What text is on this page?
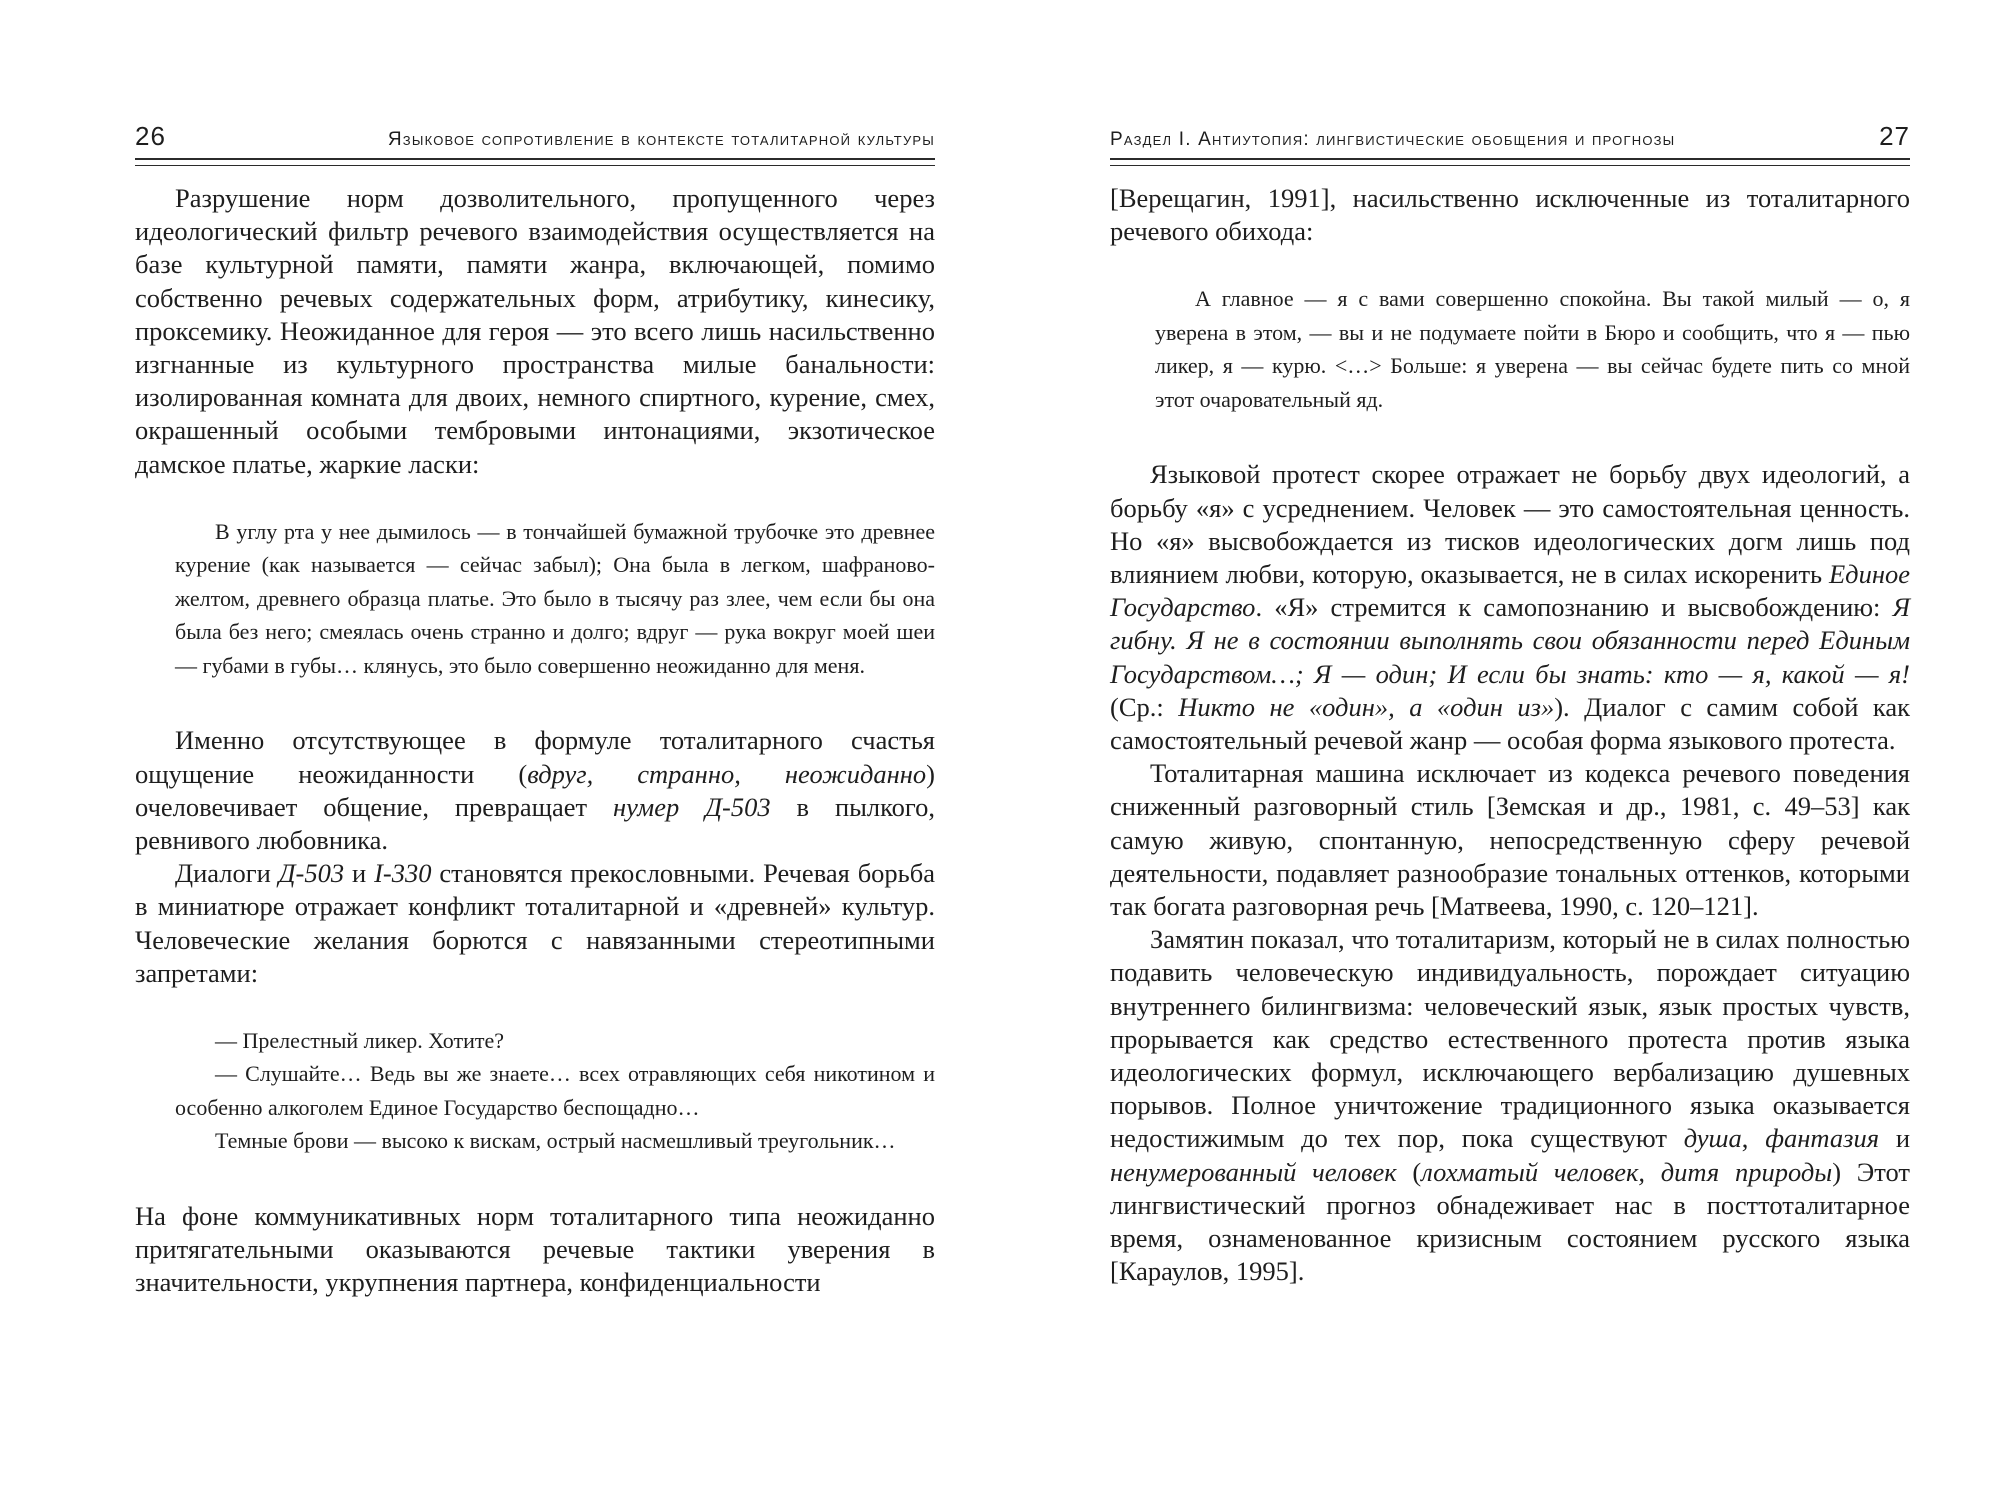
26	Языковое сопротивление в контексте тоталитарной культуры

Разрушение норм дозволительного, пропущенного через идеологический фильтр речевого взаимодействия осуществляется на базе культурной памяти, памяти жанра, включающей, помимо собственно речевых содержательных форм, атрибутику, кинесику, проксемику. Неожиданное для героя — это всего лишь насильственно изгнанные из культурного пространства милые банальности: изолированная комната для двоих, немного спиртного, курение, смех, окрашенный особыми тембровыми интонациями, экзотическое дамское платье, жаркие ласки:

В углу рта у нее дымилось — в тончайшей бумажной трубочке это древнее курение (как называется — сейчас забыл); Она была в легком, шафраново-желтом, древнего образца платье. Это было в тысячу раз злее, чем если бы она была без него; смеялась очень странно и долго; вдруг — рука вокруг моей шеи — губами в губы… клянусь, это было совершенно неожиданно для меня.

Именно отсутствующее в формуле тоталитарного счастья ощущение неожиданности (вдруг, странно, неожиданно) очеловечивает общение, превращает нумер Д-503 в пылкого, ревнивого любовника.

Диалоги Д-503 и I-330 становятся прекословными. Речевая борьба в миниатюре отражает конфликт тоталитарной и «древней» культур. Человеческие желания борются с навязанными стереотипными запретами:

— Прелестный ликер. Хотите?

— Слушайте… Ведь вы же знаете… всех отравляющих себя никотином и особенно алкоголем Единое Государство беспощадно…

Темные брови — высоко к вискам, острый насмешливый треугольник…

На фоне коммуникативных норм тоталитарного типа неожиданно притягательными оказываются речевые тактики уверения в значительности, укрупнения партнера, конфиденциальности

Раздел I. Антиутопия: лингвистические обобщения и прогнозы	27

[Верещагин, 1991], насильственно исключенные из тоталитарного речевого обихода:

А главное — я с вами совершенно спокойна. Вы такой милый — о, я уверена в этом, — вы и не подумаете пойти в Бюро и сообщить, что я — пью ликер, я — курю. <…> Больше: я уверена — вы сейчас будете пить со мной этот очаровательный яд.

Языковой протест скорее отражает не борьбу двух идеологий, а борьбу «я» с усреднением. Человек — это самостоятельная ценность. Но «я» высвобождается из тисков идеологических догм лишь под влиянием любви, которую, оказывается, не в силах искоренить Единое Государство. «Я» стремится к самопознанию и высвобождению: Я гибну. Я не в состоянии выполнять свои обязанности перед Единым Государством…; Я — один; И если бы знать: кто — я, какой — я! (Ср.: Никто не «один», а «один из»). Диалог с самим собой как самостоятельный речевой жанр — особая форма языкового протеста.

Тоталитарная машина исключает из кодекса речевого поведения сниженный разговорный стиль [Земская и др., 1981, с. 49–53] как самую живую, спонтанную, непосредственную сферу речевой деятельности, подавляет разнообразие тональных оттенков, которыми так богата разговорная речь [Матвеева, 1990, с. 120–121].

Замятин показал, что тоталитаризм, который не в силах полностью подавить человеческую индивидуальность, порождает ситуацию внутреннего билингвизма: человеческий язык, язык простых чувств, прорывается как средство естественного протеста против языка идеологических формул, исключающего вербализацию душевных порывов. Полное уничтожение традиционного языка оказывается недостижимым до тех пор, пока существуют душа, фантазия и ненумерованный человек (лохматый человек, дитя природы) Этот лингвистический прогноз обнадеживает нас в посттоталитарное время, ознаменованное кризисным состоянием русского языка [Караулов, 1995].
